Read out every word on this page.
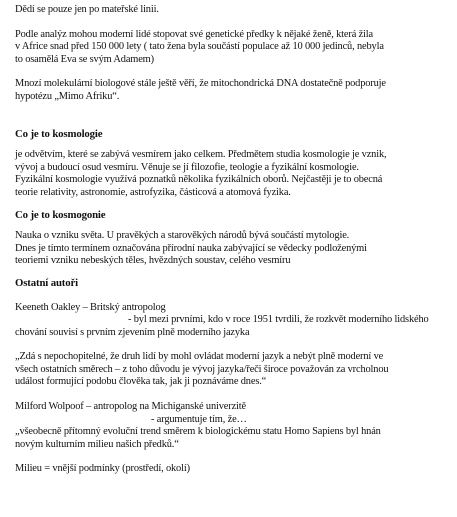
Dědí se pouze jen po mateřské linii.
Podle analýz mohou moderní lidé stopovat své genetické předky k nějaké ženě, která žila
v Africe snad před 150 000 lety ( tato žena byla součástí populace až 10 000 jedinců, nebyla
to osamělá Eva se svým Adamem)
Mnozí molekulární biologové stále ještě věří, že mitochondrická DNA dostatečně podporuje
hypotézu „Mimo Afriku“.
Co je to kosmologie
je odvětvím, které se zabývá vesmírem jako celkem. Předmětem studia kosmologie je vznik,
vývoj a budoucí osud vesmíru. Věnuje se jí filozofie, teologie a fyzikální kosmologie.
Fyzikální kosmologie využívá poznatků několika fyzikálních oborů. Nejčastěji je to obecná
teorie relativity, astronomie, astrofyzika, částicová a atomová fyzika.
Co je to kosmogonie
Nauka o vzniku světa. U pravěkých a starověkých národů bývá součástí mytologie.
Dnes je tímto termínem označována přírodní nauka zabývající se vědecky podloženými
teoriemi vzniku nebeských těles, hvězdných soustav, celého vesmíru
Ostatní autoři
Keeneth Oakley – Britský antropolog
- byl mezi prvními, kdo v roce 1951 tvrdili, že rozkvět moderního lidského
chování souvisí s prvním zjevením plně moderního jazyka
„Zdá s nepochopitelné, že druh lidí by mohl ovládat moderní jazyk a nebýt plně moderní ve
všech ostatních směrech – z toho důvodu je vývoj jazyka/řeči široce považován za vrcholnou
událost formující podobu člověka tak, jak ji poznáváme dnes.“
Milford Wolpoof – antropolog na Michiganské univerzitě
- argumentuje tím, že…
„všeobecně přítomný evoluční trend směrem k biologickému statu Homo Sapiens byl hnán
novým kulturním milieu našich předků.“
Milieu = vnější podmínky (prostředí, okolí)
